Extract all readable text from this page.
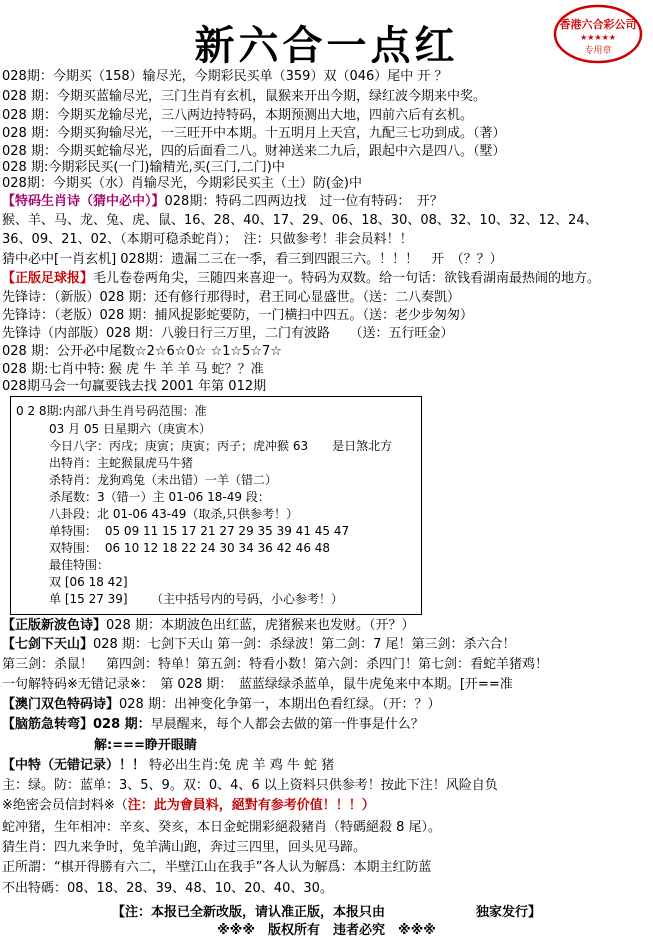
新六合一点红	香港六合彩公司
★★★★★
专用章
028期：今期买（158）输尽光，今期彩民买单（359）双（046）尾中 开 ？
028 期：今期买蓝输尽光，三门生肖有玄机，鼠猴来开出今期，绿红波今期来中奖。
028 期：今期买龙输尽光，三八两边持特码，本期预测出大地，四前六后有玄机。
028 期：今期买狗输尽光，一三旺开中本期。十五明月上天宫，九配三七功到成。（著）
028 期：今期买蛇输尽光，四的后面看二八。财神送来二九后，跟起中六是四八。（墅）
028 期:今期彩民买(一门)输精光,买(三门,二门)中
028期：今期买（水）肖输尽光，今期彩民买主（土）防(金)中
【特码生肖诗（猜中必中）】028期：特码二四两边找　过一位有特码：　开？
猴、羊、马、龙、兔、虎、鼠、16、28、40、17、29、06、18、30、08、32、10、32、12、24、
36、09、21、02、（本期可稳杀蛇肖）；　注：只做参考！非会员料！！
猜中必中[一肖玄机] 028期：遗漏二三在一季，看三到四跟三六。！！！　开　（？？）
【正版足球报】毛儿卷卷两角尖，三随四来喜迎一。特码为双数。给一句话：欲钱看湖南最热闹的地方。
先锋诗：（新版）028 期：还有修行那得时，君王同心显盛世。（送：二八奏凯）
先锋诗：（老版）028 期：捕风捉影蛇要防，一门横扫中四五。（送：老少步匆匆）
先锋诗（内部版）028 期：八骏日行三万里，二门有波路　　（送：五行旺金）
028 期：公开必中尾数☆2☆6☆0☆ ☆1☆5☆7☆
028 期:七肖中特: 猴 虎 牛 羊 羊 马 蛇？？准
028期马会一句赢要钱去找 2001 年第 012期
0 2 8期:内部八卦生肖号码范围：准
03 月 05 日星期六（庚寅木）
今日八字：丙戌；庚寅；庚寅；丙子；虎冲猴 63　　是日煞北方
出特肖：主蛇猴鼠虎马牛猪
杀特肖：龙狗鸡兔（未出错）一羊（错二）
杀尾数：3（错一）主 01-06 18-49 段：
八卦段：北 01-06 43-49（取杀,只供参考！）
单特围： 05 09 11 15 17 21 27 29 35 39 41 45 47
双特围： 06 10 12 18 22 24 30 34 36 42 46 48
最佳特围：
双 [06 18 42]
单 [15 27 39] （主中括号内的号码，小心参考！）
【正版新波色诗】028 期：本期波色出红蓝，虎猪猴来也发财。（开？）
【七剑下天山】028 期：七剑下天山 第一剑：杀绿波！第二剑：7 尾！第三剑：杀六合！
第三剑：杀鼠！　第四剑：特单！第五剑：特看小数！第六剑：杀四门！第七剑：看蛇羊猪鸡！
一句解特码※无错记录※：　第 028 期：　蓝蓝绿绿杀蓝单，鼠牛虎兔来中本期。[开==准
【澳门双色特码诗】028 期：出神变化争第一，本期出色看红绿。（开：？）
【脑筋急转弯】028 期：早晨醒来，每个人都会去做的第一件事是什么？
解:===睁开眼睛
【中特（无错记录）！！ 特必出生肖:兔 虎 羊 鸡 牛 蛇 猪
主：绿。防：蓝单：3、5、9。双：0、4、6 以上资料只供参考！按此下注！风险自负
※绝密会员信封料※（注：此为會員料，絕對有参考价值！！！）
蛇冲猪，生年相冲：辛亥、癸亥，本日金蛇開彩絕殺豬肖（特碼絕殺 8 尾）。
猜生肖：四九来争时，兔羊满山跑，奔过三四里，回头见马蹄。
正所謂：“棋开得勝有六二，半壁江山在我手”各人认为解爲：本期主红防蓝
不出特碼：08、18、28、39、48、10、20、40、30。
【注：本报已全新改版，请认准正版，本报只由　　　　　　　独家发行】
※※※　版权所有　违者必究　※※※
